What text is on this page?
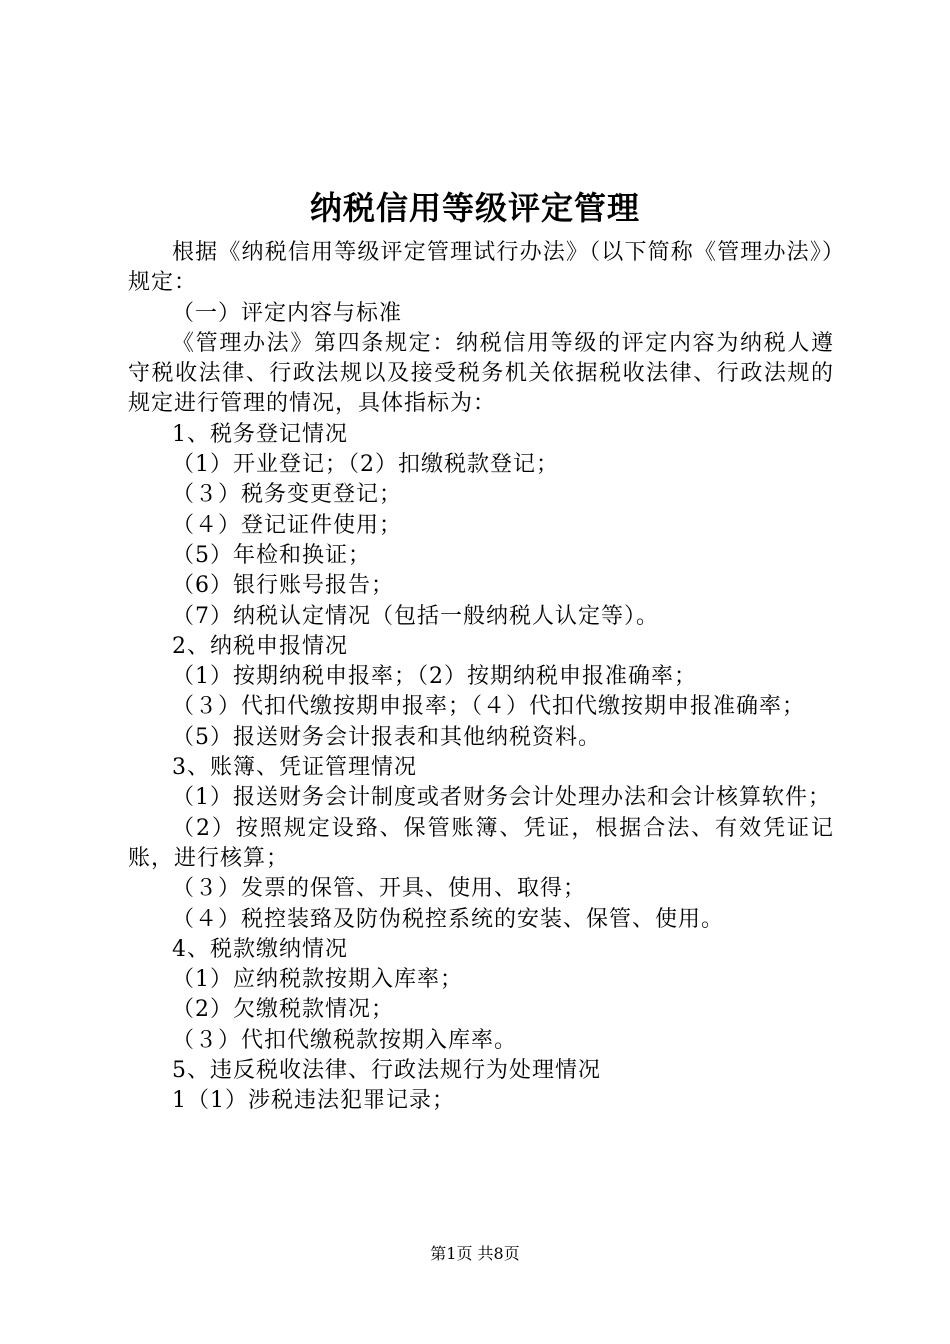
纳税信用等级评定管理

根据《纳税信用等级评定管理试行办法》（以下简称《管理办法》）规定：

（一）评定内容与标准

《管理办法》第四条规定：纳税信用等级的评定内容为纳税人遵守税收法律、行政法规以及接受税务机关依据税收法律、行政法规的规定进行管理的情况，具体指标为：

1、税务登记情况

（1）开业登记；（2）扣缴税款登记；

（３）税务变更登记；

（４）登记证件使用；

（5）年检和换证；

（6）银行账号报告；

（7）纳税认定情况（包括一般纳税人认定等）。

2、纳税申报情况

（1）按期纳税申报率；（2）按期纳税申报准确率；

（３）代扣代缴按期申报率；（４）代扣代缴按期申报准确率；

（5）报送财务会计报表和其他纳税资料。

3、账簿、凭证管理情况

（1）报送财务会计制度或者财务会计处理办法和会计核算软件；

（2）按照规定设臵、保管账簿、凭证，根据合法、有效凭证记账，进行核算；

（３）发票的保管、开具、使用、取得；

（４）税控装臵及防伪税控系统的安装、保管、使用。

4、税款缴纳情况

（1）应纳税款按期入库率；

（2）欠缴税款情况；

（３）代扣代缴税款按期入库率。

5、违反税收法律、行政法规行为处理情况

1（1）涉税违法犯罪记录；

第1页 共8页
